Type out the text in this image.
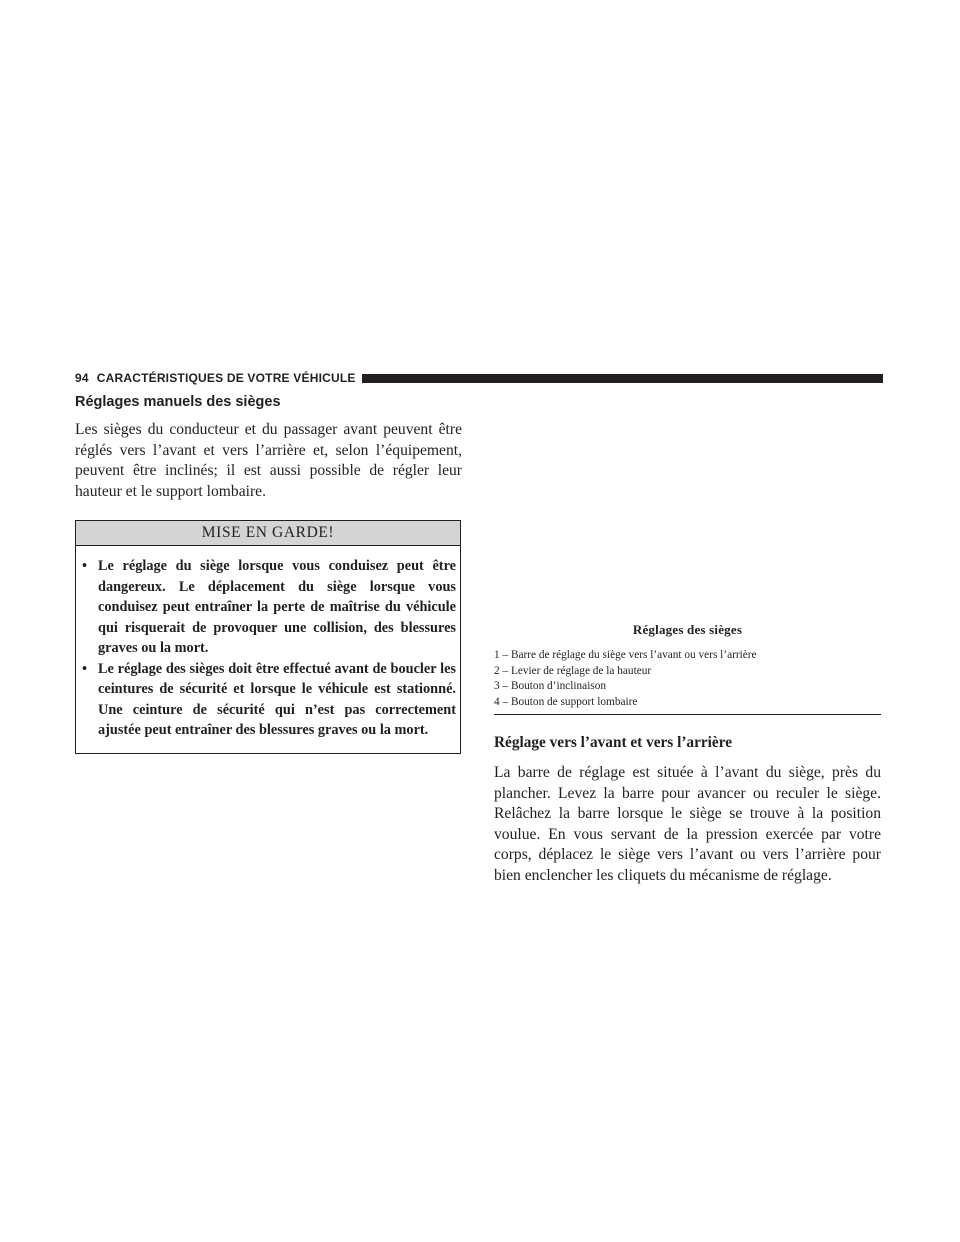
94 CARACTÉRISTIQUES DE VOTRE VÉHICULE
Réglages manuels des sièges

Les sièges du conducteur et du passager avant peuvent être réglés vers l’avant et vers l’arrière et, selon l’équipement, peuvent être inclinés; il est aussi possible de régler leur hauteur et le support lombaire.

MISE EN GARDE!
• Le réglage du siège lorsque vous conduisez peut être dangereux. Le déplacement du siège lorsque vous conduisez peut entraîner la perte de maîtrise du véhicule qui risquerait de provoquer une collision, des blessures graves ou la mort.
• Le réglage des sièges doit être effectué avant de boucler les ceintures de sécurité et lorsque le véhicule est stationné. Une ceinture de sécurité qui n’est pas correctement ajustée peut entraîner des blessures graves ou la mort.
Réglages des sièges
1 – Barre de réglage du siège vers l’avant ou vers l’arrière
2 – Levier de réglage de la hauteur
3 – Bouton d’inclinaison
4 – Bouton de support lombaire
Réglage vers l’avant et vers l’arrière

La barre de réglage est située à l’avant du siège, près du plancher. Levez la barre pour avancer ou reculer le siège. Relâchez la barre lorsque le siège se trouve à la position voulue. En vous servant de la pression exercée par votre corps, déplacez le siège vers l’avant ou vers l’arrière pour bien enclencher les cliquets du mécanisme de réglage.
